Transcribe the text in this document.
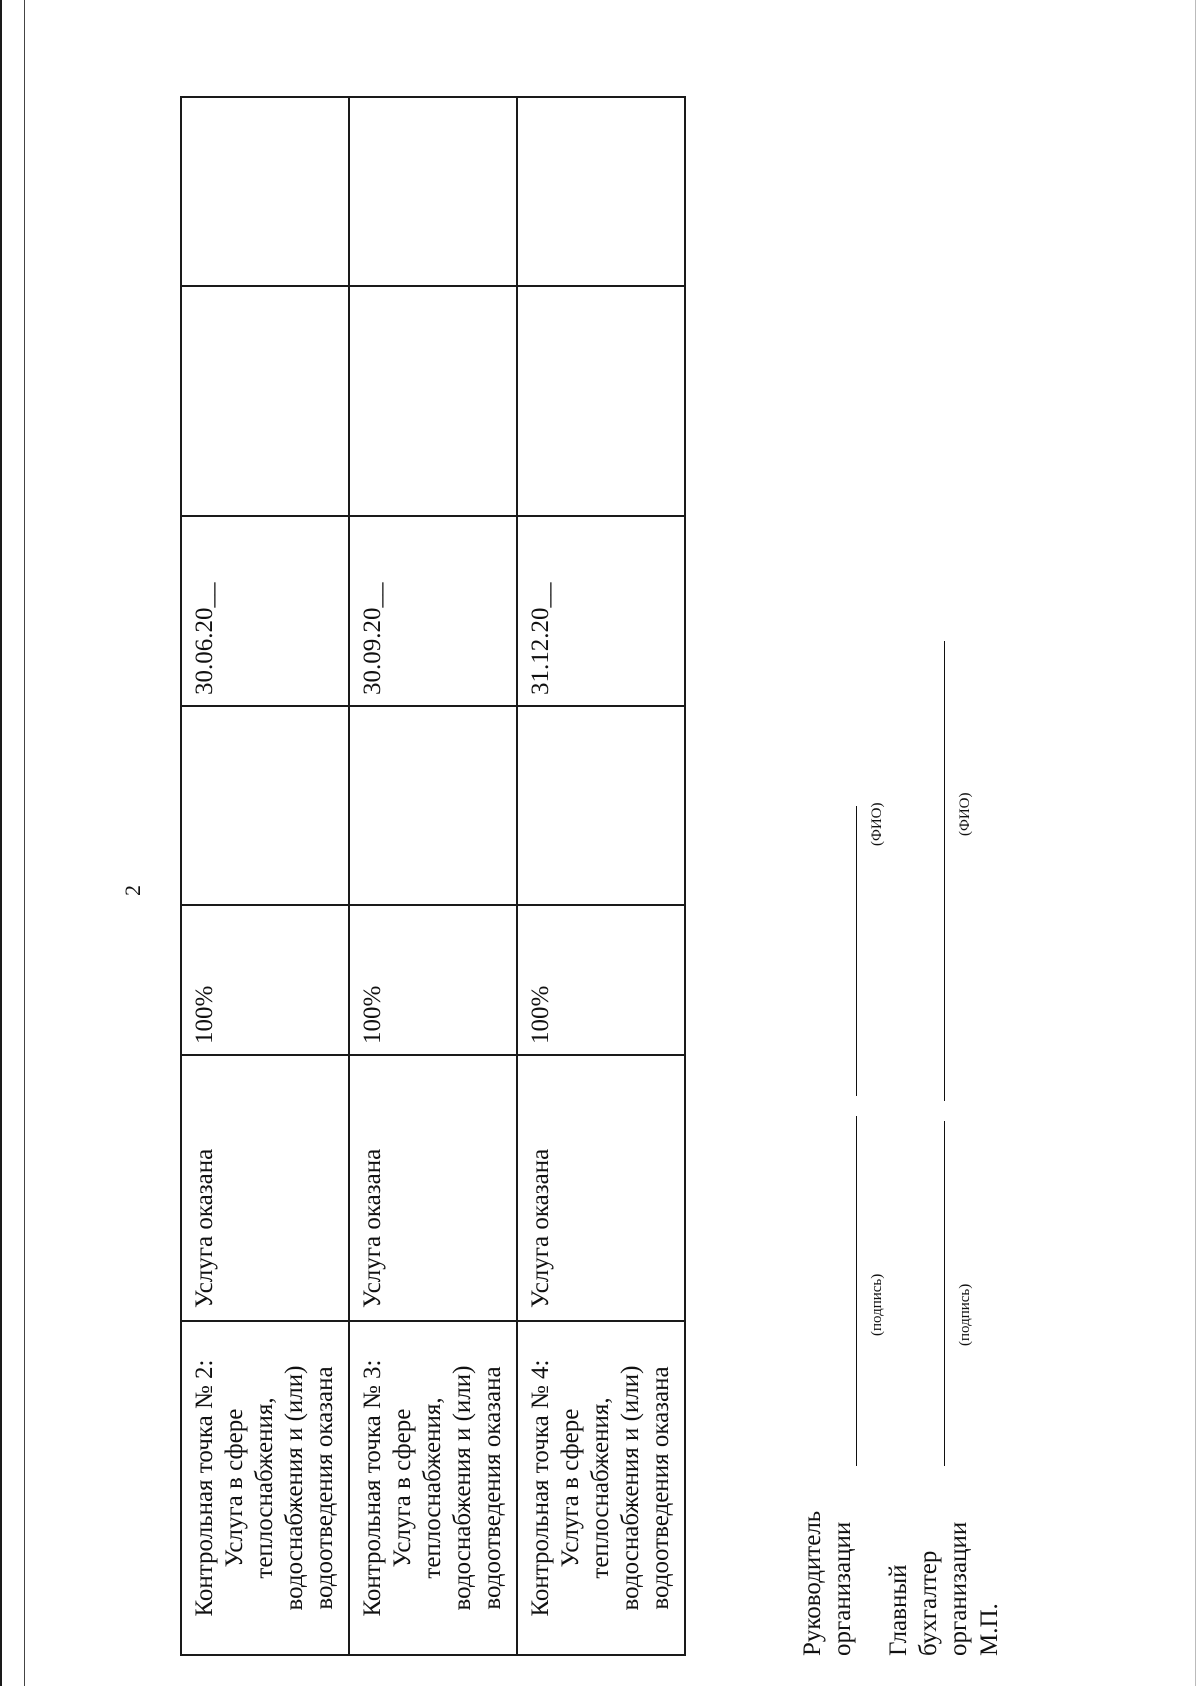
2
Контрольная точка № 2: Услуга в сфере теплоснабжения, водоснабжения и (или) водоотведения оказана	Услуга оказана	100%		30.06.20__		

Контрольная точка № 3: Услуга в сфере теплоснабжения, водоснабжения и (или) водоотведения оказана	Услуга оказана	100%		30.09.20__		

Контрольная точка № 4: Услуга в сфере теплоснабжения, водоснабжения и (или) водоотведения оказана	Услуга оказана	100%		31.12.20__		
Руководитель организации
(подпись)
(ФИО)
Главный бухгалтер организации
(подпись)
(ФИО)
М.П.
